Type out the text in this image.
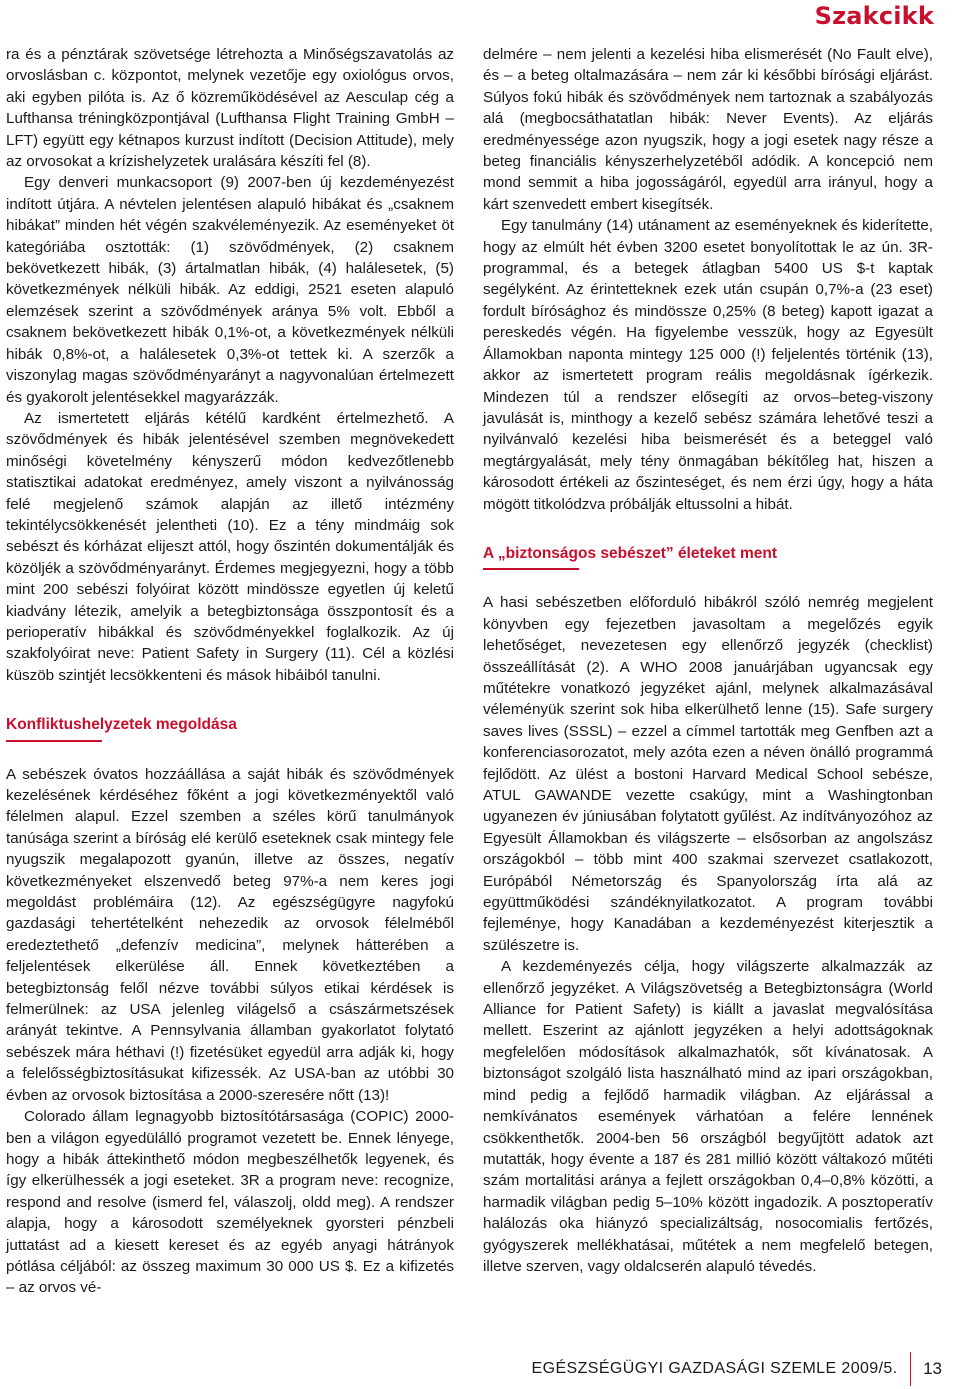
Szakcikk

ra és a pénztárak szövetsége létrehozta a Minőségszavatolás az orvoslásban c. központot, melynek vezetője egy oxiológus orvos, aki egyben pilóta is. Az ő közreműködésével az Aesculap cég a Lufthansa tréningközpontjával (Lufthansa Flight Training GmbH – LFT) együtt egy kétnapos kurzust indított (Decision Attitude), mely az orvosokat a krízishelyzetek uralására készíti fel (8).

Egy denveri munkacsoport (9) 2007-ben új kezdeményezést indított útjára. A névtelen jelentésen alapuló hibákat és „csaknem hibákat” minden hét végén szakvéleményezik. Az eseményeket öt kategóriába osztották: (1) szövődmények, (2) csaknem bekövetkezett hibák, (3) ártalmatlan hibák, (4) halálesetek, (5) következmények nélküli hibák. Az eddigi, 2521 eseten alapuló elemzések szerint a szövődmények aránya 5% volt. Ebből a csaknem bekövetkezett hibák 0,1%-ot, a következmények nélküli hibák 0,8%-ot, a halálesetek 0,3%-ot tettek ki. A szerzők a viszonylag magas szövődményarányt a nagyvonalúan értelmezett és gyakorolt jelentésekkel magyarázzák.

Az ismertetett eljárás kétélű kardként értelmezhető. A szövődmények és hibák jelentésével szemben megnövekedett minőségi követelmény kényszerű módon kedvezőtlenebb statisztikai adatokat eredményez, amely viszont a nyilvánosság felé megjelenő számok alapján az illető intézmény tekintélycsökkenését jelentheti (10). Ez a tény mindmáig sok sebészt és kórházat elijeszt attól, hogy őszintén dokumentálják és közöljék a szövődményarányt. Érdemes megjegyezni, hogy a több mint 200 sebészi folyóirat között mindössze egyetlen új keletű kiadvány létezik, amelyik a betegbiztonsága összpontosít és a perioperatív hibákkal és szövődményekkel foglalkozik. Az új szakfolyóirat neve: Patient Safety in Surgery (11). Cél a közlési küszöb szintjét lecsökkenteni és mások hibáiból tanulni.

Konfliktushelyzetek megoldása

A sebészek óvatos hozzáállása a saját hibák és szövődmények kezelésének kérdéséhez főként a jogi következményektől való félelmen alapul. Ezzel szemben a széles körű tanulmányok tanúsága szerint a bíróság elé kerülő eseteknek csak mintegy fele nyugszik megalapozott gyanún, illetve az összes, negatív következményeket elszenvedő beteg 97%-a nem keres jogi megoldást problémáira (12). Az egészségügyre nagyfokú gazdasági tehertételként nehezedik az orvosok félelméből eredeztethető „defenzív medicina”, melynek hátterében a feljelentések elkerülése áll. Ennek következtében a betegbiztonság felől nézve további súlyos etikai kérdések is felmerülnek: az USA jelenleg világelső a császármetszések arányát tekintve. A Pennsylvania államban gyakorlatot folytató sebészek mára héthavi (!) fizetésüket egyedül arra adják ki, hogy a felelősségbiztosításukat kifizessék. Az USA-ban az utóbbi 30 évben az orvosok biztosítása a 2000-szeresére nőtt (13)!

Colorado állam legnagyobb biztosítótársasága (COPIC) 2000-ben a világon egyedülálló programot vezetett be. Ennek lényege, hogy a hibák áttekinthető módon megbeszélhetők legyenek, és így elkerülhessék a jogi eseteket. 3R a program neve: recognize, respond and resolve (ismerd fel, válaszolj, oldd meg). A rendszer alapja, hogy a károsodott személyeknek gyorsteri pénzbeli juttatást ad a kiesett kereset és az egyéb anyagi hátrányok pótlása céljából: az összeg maximum 30 000 US $. Ez a kifizetés – az orvos vé-

delmére – nem jelenti a kezelési hiba elismerését (No Fault elve), és – a beteg oltalmazására – nem zár ki későbbi bírósági eljárást. Súlyos fokú hibák és szövődmények nem tartoznak a szabályozás alá (megbocsáthatatlan hibák: Never Events). Az eljárás eredményessége azon nyugszik, hogy a jogi esetek nagy része a beteg financiális kényszerhelyzetéből adódik. A koncepció nem mond semmit a hiba jogosságáról, egyedül arra irányul, hogy a kárt szenvedett embert kisegítsék.

Egy tanulmány (14) utánament az eseményeknek és kiderítette, hogy az elmúlt hét évben 3200 esetet bonyolítottak le az ún. 3R-programmal, és a betegek átlagban 5400 US $-t kaptak segélyként. Az érintetteknek ezek után csupán 0,7%-a (23 eset) fordult bírósághoz és mindössze 0,25% (8 beteg) kapott igazat a pereskedés végén. Ha figyelembe vesszük, hogy az Egyesült Államokban naponta mintegy 125 000 (!) feljelentés történik (13), akkor az ismertetett program reális megoldásnak ígérkezik. Mindezen túl a rendszer elősegíti az orvos–beteg-viszony javulását is, minthogy a kezelő sebész számára lehetővé teszi a nyilvánvaló kezelési hiba beismerését és a beteggel való megtárgyalását, mely tény önmagában békítőleg hat, hiszen a károsodott értékeli az őszinteséget, és nem érzi úgy, hogy a háta mögött titkolódzva próbálják eltussolni a hibát.

A „biztonságos sebészet” életeket ment

A hasi sebészetben előforduló hibákról szóló nemrég megjelent könyvben egy fejezetben javasoltam a megelőzés egyik lehetőséget, nevezetesen egy ellenőrző jegyzék (checklist) összeállítását (2). A WHO 2008 januárjában ugyancsak egy műtétekre vonatkozó jegyzéket ajánl, melynek alkalmazásával véleményük szerint sok hiba elkerülhető lenne (15). Safe surgery saves lives (SSSL) – ezzel a címmel tartották meg Genfben azt a konferenciasorozatot, mely azóta ezen a néven önálló programmá fejlődött. Az ülést a bostoni Harvard Medical School sebésze, ATUL GAWANDE vezette csakúgy, mint a Washingtonban ugyanezen év júniusában folytatott gyűlést. Az indítványozóhoz az Egyesült Államokban és világszerte – elsősorban az angolszász országokból – több mint 400 szakmai szervezet csatlakozott, Európából Németország és Spanyolország írta alá az együttműködési szándéknyilatkozatot. A program további fejleménye, hogy Kanadában a kezdeményezést kiterjesztik a szülészetre is.

A kezdeményezés célja, hogy világszerte alkalmazzák az ellenőrző jegyzéket. A Világszövetség a Betegbiztonságra (World Alliance for Patient Safety) is kiállt a javaslat megvalósítása mellett. Eszerint az ajánlott jegyzéken a helyi adottságoknak megfelelően módosítások alkalmazhatók, sőt kívánatosak. A biztonságot szolgáló lista használható mind az ipari országokban, mind pedig a fejlődő harmadik világban. Az eljárással a nemkívánatos események várhatóan a felére lennének csökkenthetők. 2004-ben 56 országból begyűjtött adatok azt mutatták, hogy évente a 187 és 281 millió között váltakozó műtéti szám mortalitási aránya a fejlett országokban 0,4–0,8% közötti, a harmadik világban pedig 5–10% között ingadozik. A posztoperatív halálozás oka hiányzó specializáltság, nosocomialis fertőzés, gyógyszerek mellékhatásai, műtétek a nem megfelelő betegen, illetve szerven, vagy oldalcserén alapuló tévedés.

EGÉSZSÉGÜGYI GAZDASÁGI SZEMLE 2009/5. 13
